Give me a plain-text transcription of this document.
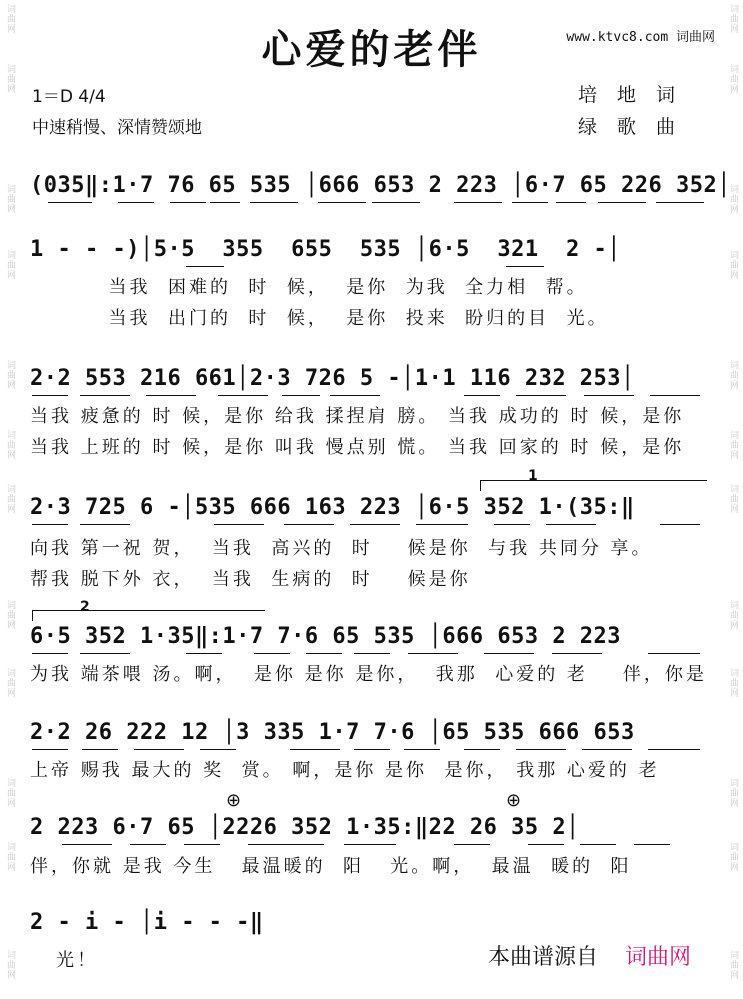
词曲网
词曲网
词曲网
词曲网
词曲网
词曲网
词曲网
词曲网
词曲网
词曲网
词曲网
词曲网
词曲网
词曲网
词曲网
词曲网
词曲网
词曲网
词曲网
词曲网
词曲网
词曲网
词曲网
词曲网
心爱的老伴	www.ktvc8.com 词曲网
1＝D 4/4
中速稍慢、深情赞颂地
培地词
绿歌曲
(035‖:1·7 76 65 535 │666 653 2 223 │6·7 65 226 352│
1 - - -)│5·5  355  655  535 │6·5  321  2 -│
当我  困难的  时  候，  是你  为我  全力相  帮。
当我  出门的  时  候，  是你  投来  盼归的目  光。
2·2 553 216 661│2·3 726 5 -│1·1 116 232 253│
当我 疲惫的 时 候，是你 给我 揉捏肩 膀。 当我 成功的 时 候，是你
当我 上班的 时 候，是你 叫我 慢点别 慌。 当我 回家的 时 候，是你
1
2·3 725 6 -│535 666 163 223 │6·5 352 1·(35:‖
向我 第一祝 贺，  当我  高兴的  时    候是你  与我 共同分 享。
帮我 脱下外 衣，  当我  生病的  时    候是你
2
6·5 352 1·35‖:1·7 7·6 65 535 │666 653 2 223
为我 端茶喂 汤。啊，  是你 是你 是你，  我那  心爱的 老    伴，你是
2·2 26 222 12 │3 335 1·7 7·6 │65 535 666 653
上帝 赐我 最大的 奖  赏。 啊，是你 是你  是你， 我那 心爱的 老
⊕	⊕
2 223 6·7 65 │2226 352 1·35:‖22 26 35 2│
伴，你就 是我 今生   最温暖的  阳   光。啊，  最温  暖的  阳
2 - i - │i - - -‖
光！	本曲谱源自 词曲网
